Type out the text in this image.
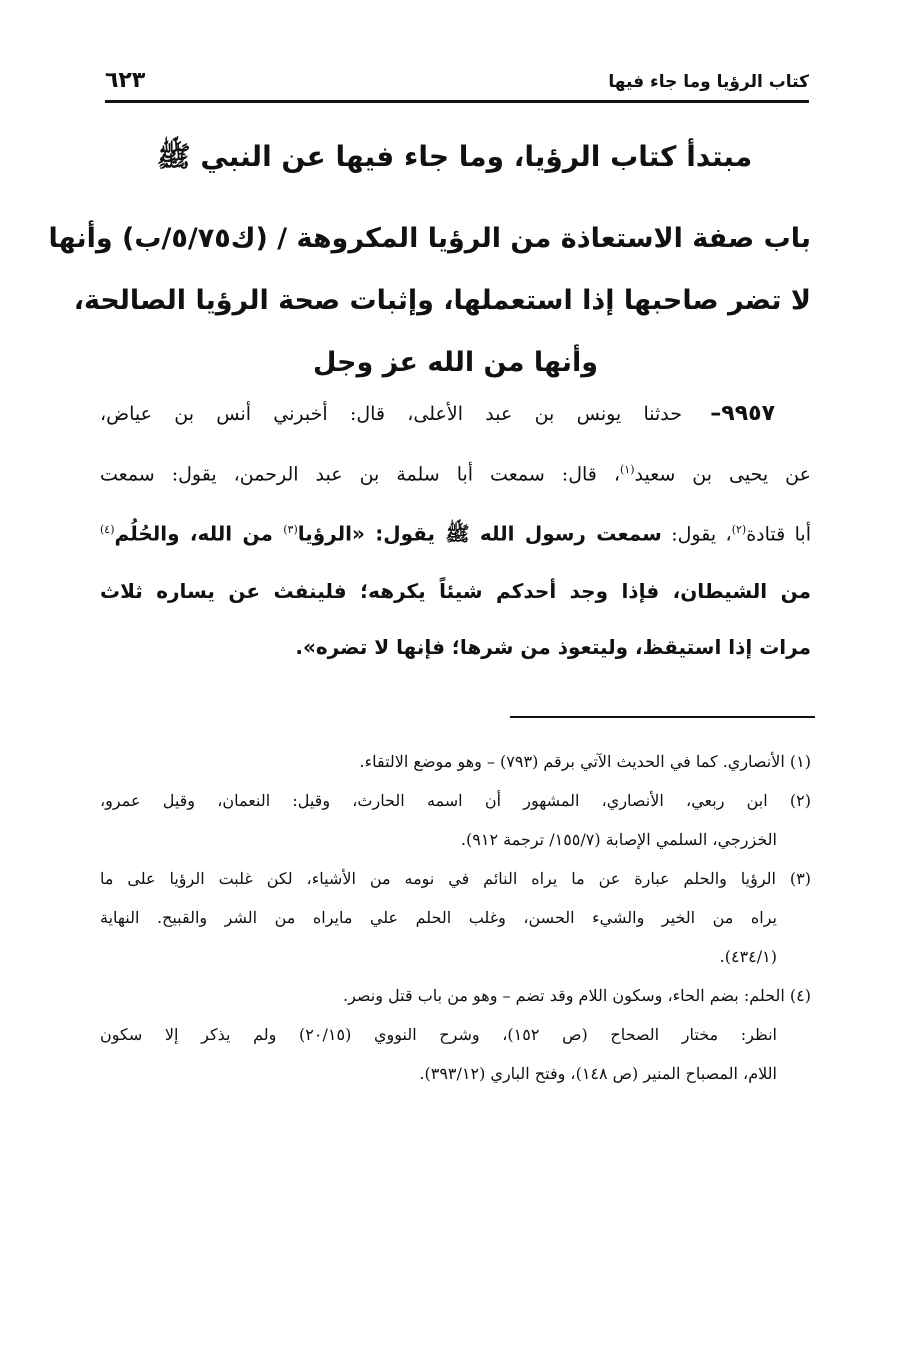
كتاب الرؤيا وما جاء فيها
٦٢٣
مبتدأ كتاب الرؤيا، وما جاء فيها عن النبي ﷺ
باب صفة الاستعاذة من الرؤيا المكروهة / (ك٥/٧٥/ب) وأنها
لا تضر صاحبها إذا استعملها، وإثبات صحة الرؤيا الصالحة،
وأنها من الله عز وجل
٩٩٥٧– حدثنا يونس بن عبد الأعلى، قال: أخبرني أنس بن عياض،
عن يحيى بن سعيد$^{(١)}$، قال: سمعت أبا سلمة بن عبد الرحمن، يقول: سمعت
أبا قتادة$^{(٢)}$، يقول: سمعت رسول الله ﷺ يقول: «الرؤيا$^{(٣)}$ من الله، والحُلُم$^{(٤)}$
من الشيطان، فإذا وجد أحدكم شيئاً يكرهه؛ فلينفث عن يساره ثلاث
مرات إذا استيقظ، وليتعوذ من شرها؛ فإنها لا تضره».
(١) الأنصاري. كما في الحديث الآتي برقم (٧٩٣) – وهو موضع الالتقاء.
(٢) ابن ربعي، الأنصاري، المشهور أن اسمه الحارث، وقيل: النعمان، وقيل عمرو،
الخزرجي، السلمي الإصابة (١٥٥/٧/ ترجمة ٩١٢).
(٣) الرؤيا والحلم عبارة عن ما يراه النائم في نومه من الأشياء، لكن غلبت الرؤيا على ما
يراه من الخير والشيء الحسن، وغلب الحلم علي مايراه من الشر والقبيح. النهاية
(٤٣٤/١).
(٤) الحلم: بضم الحاء، وسكون اللام وقد تضم – وهو من باب قتل ونصر.
انظر: مختار الصحاح (ص ١٥٢)، وشرح النووي (٢٠/١٥) ولم يذكر إلا سكون
اللام، المصباح المنير (ص ١٤٨)، وفتح الباري (٣٩٣/١٢).
